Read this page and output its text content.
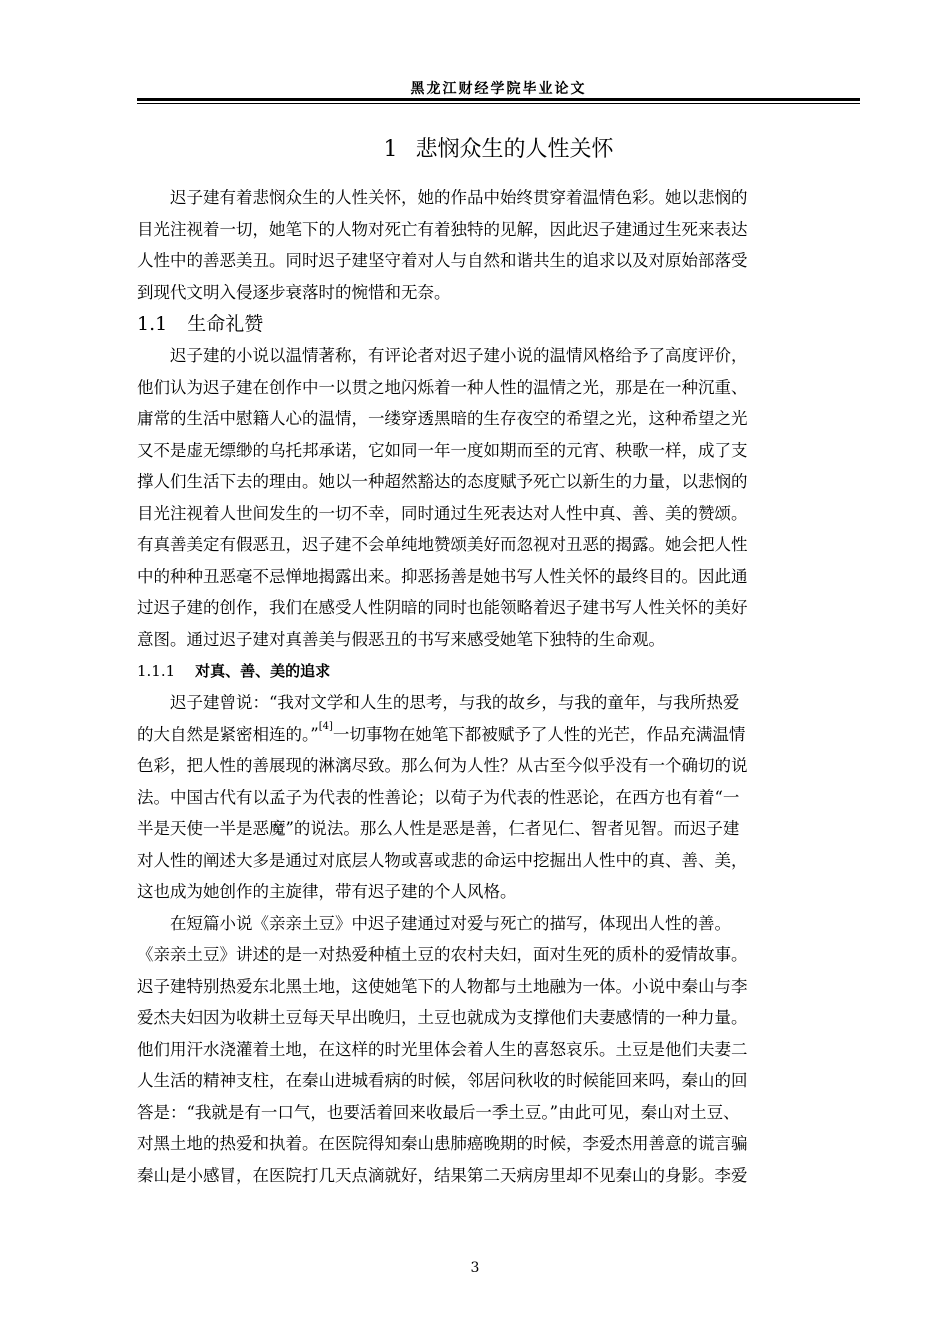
黑龙江财经学院毕业论文
1 悲悯众生的人性关怀
迟子建有着悲悯众生的人性关怀，她的作品中始终贯穿着温情色彩。她以悲悯的
目光注视着一切，她笔下的人物对死亡有着独特的见解，因此迟子建通过生死来表达
人性中的善恶美丑。同时迟子建坚守着对人与自然和谐共生的追求以及对原始部落受
到现代文明入侵逐步衰落时的惋惜和无奈。
1.1 生命礼赞
迟子建的小说以温情著称，有评论者对迟子建小说的温情风格给予了高度评价，
他们认为迟子建在创作中一以贯之地闪烁着一种人性的温情之光，那是在一种沉重、
庸常的生活中慰籍人心的温情，一缕穿透黑暗的生存夜空的希望之光，这种希望之光
又不是虚无缥缈的乌托邦承诺，它如同一年一度如期而至的元宵、秧歌一样，成了支
撑人们生活下去的理由。她以一种超然豁达的态度赋予死亡以新生的力量，以悲悯的
目光注视着人世间发生的一切不幸，同时通过生死表达对人性中真、善、美的赞颂。
有真善美定有假恶丑，迟子建不会单纯地赞颂美好而忽视对丑恶的揭露。她会把人性
中的种种丑恶毫不忌惮地揭露出来。抑恶扬善是她书写人性关怀的最终目的。因此通
过迟子建的创作，我们在感受人性阴暗的同时也能领略着迟子建书写人性关怀的美好
意图。通过迟子建对真善美与假恶丑的书写来感受她笔下独特的生命观。
1.1.1 对真、善、美的追求
迟子建曾说：“我对文学和人生的思考，与我的故乡，与我的童年，与我所热爱
的大自然是紧密相连的。”[4]一切事物在她笔下都被赋予了人性的光芒，作品充满温情
色彩，把人性的善展现的淋漓尽致。那么何为人性？从古至今似乎没有一个确切的说
法。中国古代有以孟子为代表的性善论；以荀子为代表的性恶论，在西方也有着“一
半是天使一半是恶魔”的说法。那么人性是恶是善，仁者见仁、智者见智。而迟子建
对人性的阐述大多是通过对底层人物或喜或悲的命运中挖掘出人性中的真、善、美，
这也成为她创作的主旋律，带有迟子建的个人风格。
在短篇小说《亲亲土豆》中迟子建通过对爱与死亡的描写，体现出人性的善。
《亲亲土豆》讲述的是一对热爱种植土豆的农村夫妇，面对生死的质朴的爱情故事。
迟子建特别热爱东北黑土地，这使她笔下的人物都与土地融为一体。小说中秦山与李
爱杰夫妇因为收耕土豆每天早出晚归，土豆也就成为支撑他们夫妻感情的一种力量。
他们用汗水浇灌着土地，在这样的时光里体会着人生的喜怒哀乐。土豆是他们夫妻二
人生活的精神支柱，在秦山进城看病的时候，邻居问秋收的时候能回来吗，秦山的回
答是：“我就是有一口气，也要活着回来收最后一季土豆。”由此可见，秦山对土豆、
对黑土地的热爱和执着。在医院得知秦山患肺癌晚期的时候，李爱杰用善意的谎言骗
秦山是小感冒，在医院打几天点滴就好，结果第二天病房里却不见秦山的身影。李爱
3
